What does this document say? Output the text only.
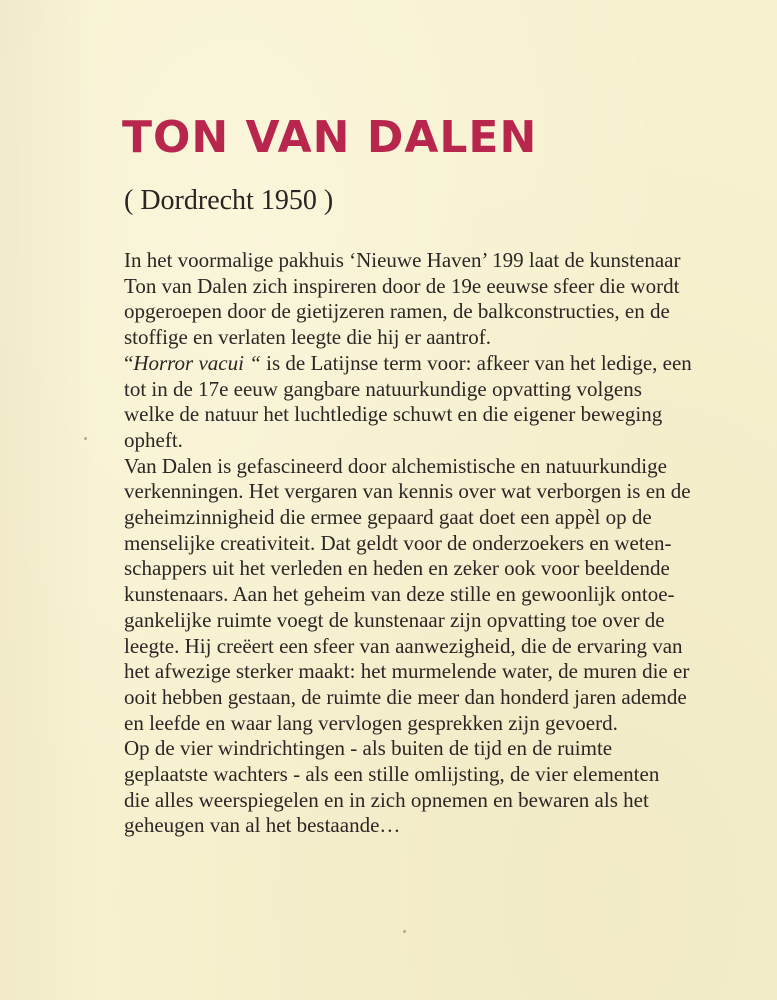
TON VAN DALEN

( Dordrecht 1950 )

In het voormalige pakhuis ‘Nieuwe Haven’ 199 laat de kunstenaar
Ton van Dalen zich inspireren door de 19e eeuwse sfeer die wordt
opgeroepen door de gietijzeren ramen, de balkconstructies, en de
stoffige en verlaten leegte die hij er aantrof.
“Horror vacui “ is de Latijnse term voor: afkeer van het ledige, een
tot in de 17e eeuw gangbare natuurkundige opvatting volgens
welke de natuur het luchtledige schuwt en die eigener beweging
opheft.
Van Dalen is gefascineerd door alchemistische en natuurkundige
verkenningen. Het vergaren van kennis over wat verborgen is en de
geheimzinnigheid die ermee gepaard gaat doet een appèl op de
menselijke creativiteit. Dat geldt voor de onderzoekers en weten-
schappers uit het verleden en heden en zeker ook voor beeldende
kunstenaars. Aan het geheim van deze stille en gewoonlijk ontoe-
gankelijke ruimte voegt de kunstenaar zijn opvatting toe over de
leegte. Hij creëert een sfeer van aanwezigheid, die de ervaring van
het afwezige sterker maakt: het murmelende water, de muren die er
ooit hebben gestaan, de ruimte die meer dan honderd jaren ademde
en leefde en waar lang vervlogen gesprekken zijn gevoerd.
Op de vier windrichtingen - als buiten de tijd en de ruimte
geplaatste wachters - als een stille omlijsting, de vier elementen
die alles weerspiegelen en in zich opnemen en bewaren als het
geheugen van al het bestaande…
